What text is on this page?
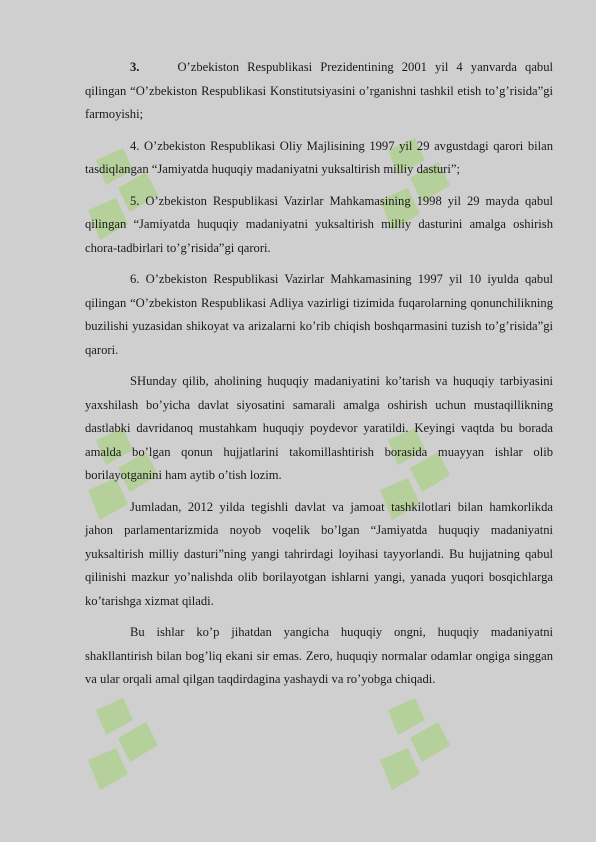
3.	O’zbekiston Respublikasi Prezidentining 2001 yil 4 yanvarda qabul qilingan “O’zbekiston Respublikasi Konstitutsiyasini o’rganishni tashkil etish to’g’risida”gi farmoyishi;

4. O’zbekiston Respublikasi Oliy Majlisining 1997 yil 29 avgustdagi qarori bilan tasdiqlangan “Jamiyatda huquqiy madaniyatni yuksaltirish milliy dasturi”;

5. O’zbekiston Respublikasi Vazirlar Mahkamasining 1998 yil 29 mayda qabul qilingan “Jamiyatda huquqiy madaniyatni yuksaltirish milliy dasturini amalga oshirish chora-tadbirlari to’g’risida”gi qarori.

6. O’zbekiston Respublikasi Vazirlar Mahkamasining 1997 yil 10 iyulda qabul qilingan “O’zbekiston Respublikasi Adliya vazirligi tizimida fuqarolarning qonunchilikning buzilishi yuzasidan shikoyat va arizalarni ko’rib chiqish boshqarmasini tuzish to’g’risida”gi qarori.

SHunday qilib, aholining huquqiy madaniyatini ko’tarish va huquqiy tarbiyasini yaxshilash bo’yicha davlat siyosatini samarali amalga oshirish uchun mustaqillikning dastlabki davridanoq mustahkam huquqiy poydevor yaratildi. Keyingi vaqtda bu borada amalda bo’lgan qonun hujjatlarini takomillashtirish borasida muayyan ishlar olib borilayotganini ham aytib o’tish lozim.

Jumladan, 2012 yilda tegishli davlat va jamoat tashkilotlari bilan hamkorlikda jahon parlamentarizmida noyob voqelik bo’lgan “Jamiyatda huquqiy madaniyatni yuksaltirish milliy dasturi”ning yangi tahrirdagi loyihasi tayyorlandi. Bu hujjatning qabul qilinishi mazkur yo’nalishda olib borilayotgan ishlarni yangi, yanada yuqori bosqichlarga ko’tarishga xizmat qiladi.

Bu ishlar ko’p jihatdan yangicha huquqiy ongni, huquqiy madaniyatni shakllantirish bilan bog’liq ekani sir emas. Zero, huquqiy normalar odamlar ongiga singgan va ular orqali amal qilgan taqdirdagina yashaydi va ro’yobga chiqadi.
